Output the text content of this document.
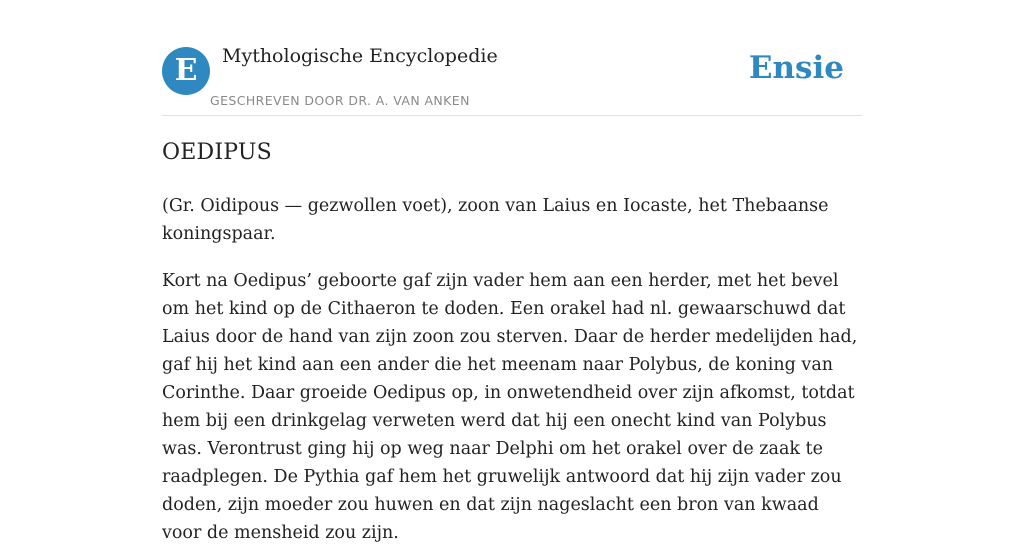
E	Mythologische Encyclopedie
GESCHREVEN DOOR DR. A. VAN ANKEN
Ensie
OEDIPUS

(Gr. Oidipous — gezwollen voet), zoon van Laius en Iocaste, het Thebaanse koningspaar.

Kort na Oedipus’ geboorte gaf zijn vader hem aan een herder, met het bevel om het kind op de Cithaeron te doden. Een orakel had nl. gewaarschuwd dat Laius door de hand van zijn zoon zou sterven. Daar de herder medelijden had, gaf hij het kind aan een ander die het meenam naar Polybus, de koning van Corinthe. Daar groeide Oedipus op, in onwetendheid over zijn afkomst, totdat hem bij een drinkgelag verweten werd dat hij een onecht kind van Polybus was. Verontrust ging hij op weg naar Delphi om het orakel over de zaak te raadplegen. De Pythia gaf hem het gruwelijk antwoord dat hij zijn vader zou doden, zijn moeder zou huwen en dat zijn nageslacht een bron van kwaad voor de mensheid zou zijn.
